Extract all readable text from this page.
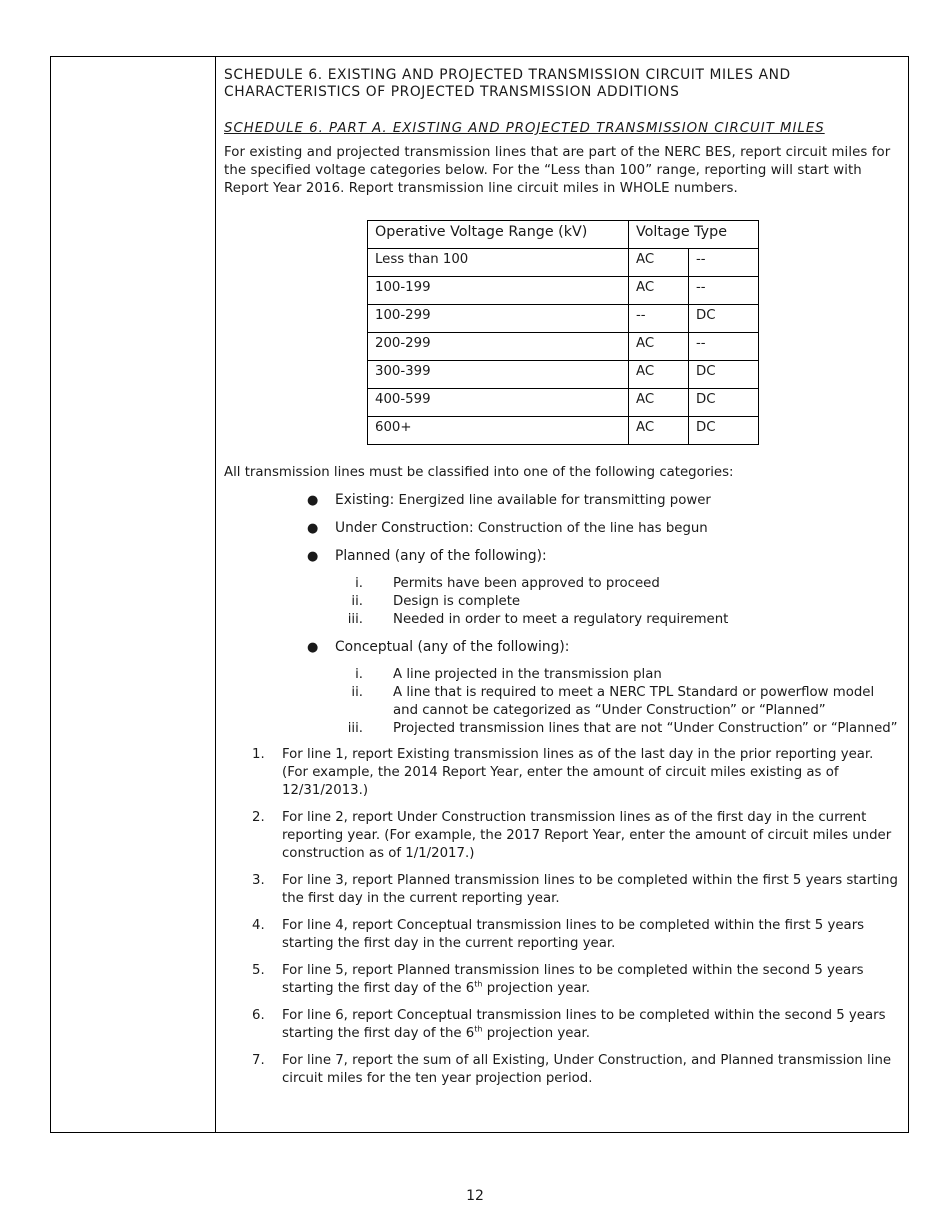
SCHEDULE 6. EXISTING AND PROJECTED TRANSMISSION CIRCUIT MILES AND CHARACTERISTICS OF PROJECTED TRANSMISSION ADDITIONS

SCHEDULE 6. PART A. EXISTING AND PROJECTED TRANSMISSION CIRCUIT MILES
For existing and projected transmission lines that are part of the NERC BES, report circuit miles for the specified voltage categories below. For the “Less than 100” range, reporting will start with Report Year 2016. Report transmission line circuit miles in WHOLE numbers.
Operative Voltage Range (kV)	Voltage Type	
Less than 100	AC	--
100-199	AC	--
100-299	--	DC
200-299	AC	--
300-399	AC	DC
400-599	AC	DC
600+	AC	DC
All transmission lines must be classified into one of the following categories:
● Existing: Energized line available for transmitting power
● Under Construction: Construction of the line has begun
● Planned (any of the following):
i. Permits have been approved to proceed
ii. Design is complete
iii. Needed in order to meet a regulatory requirement
● Conceptual (any of the following):
i. A line projected in the transmission plan
ii. A line that is required to meet a NERC TPL Standard or powerflow model and cannot be categorized as “Under Construction” or “Planned”
iii. Projected transmission lines that are not “Under Construction” or “Planned”
1. For line 1, report Existing transmission lines as of the last day in the prior reporting year. (For example, the 2014 Report Year, enter the amount of circuit miles existing as of 12/31/2013.)
2. For line 2, report Under Construction transmission lines as of the first day in the current reporting year. (For example, the 2017 Report Year, enter the amount of circuit miles under construction as of 1/1/2017.)
3. For line 3, report Planned transmission lines to be completed within the first 5 years starting the first day in the current reporting year.
4. For line 4, report Conceptual transmission lines to be completed within the first 5 years starting the first day in the current reporting year.
5. For line 5, report Planned transmission lines to be completed within the second 5 years starting the first day of the 6th projection year.
6. For line 6, report Conceptual transmission lines to be completed within the second 5 years starting the first day of the 6th projection year.
7. For line 7, report the sum of all Existing, Under Construction, and Planned transmission line circuit miles for the ten year projection period.
12
